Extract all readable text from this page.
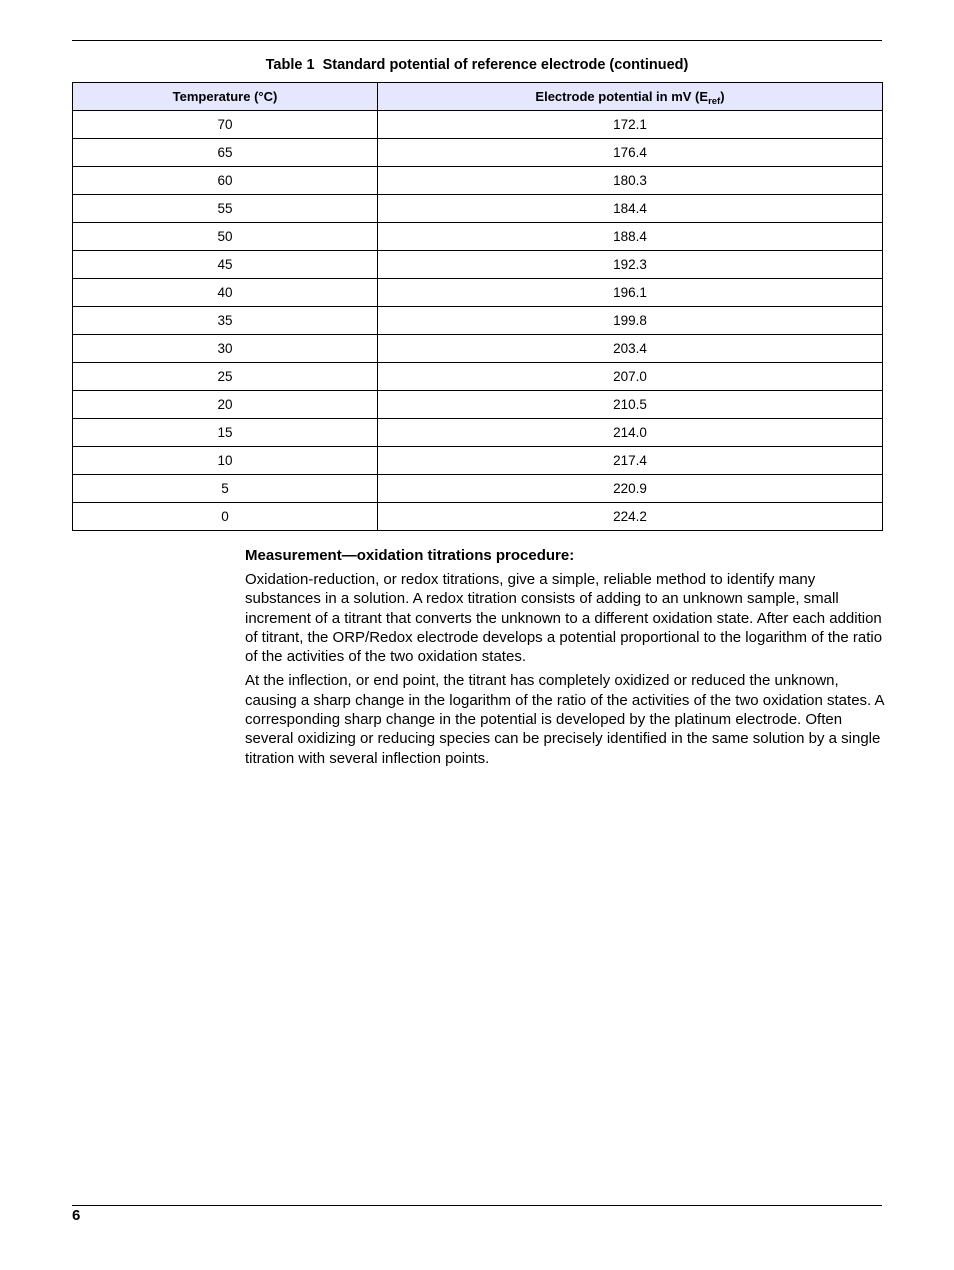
Table 1  Standard potential of reference electrode (continued)
Temperature (°C)	Electrode potential in mV $(E_{ref})$
70	172.1
65	176.4
60	180.3
55	184.4
50	188.4
45	192.3
40	196.1
35	199.8
30	203.4
25	207.0
20	210.5
15	214.0
10	217.4
5	220.9
0	224.2
Measurement—oxidation titrations procedure:

Oxidation-reduction, or redox titrations, give a simple, reliable method to identify many substances in a solution. A redox titration consists of adding to an unknown sample, small increment of a titrant that converts the unknown to a different oxidation state. After each addition of titrant, the ORP/Redox electrode develops a potential proportional to the logarithm of the ratio of the activities of the two oxidation states.

At the inflection, or end point, the titrant has completely oxidized or reduced the unknown, causing a sharp change in the logarithm of the ratio of the activities of the two oxidation states. A corresponding sharp change in the potential is developed by the platinum electrode. Often several oxidizing or reducing species can be precisely identified in the same solution by a single titration with several inflection points.

6
